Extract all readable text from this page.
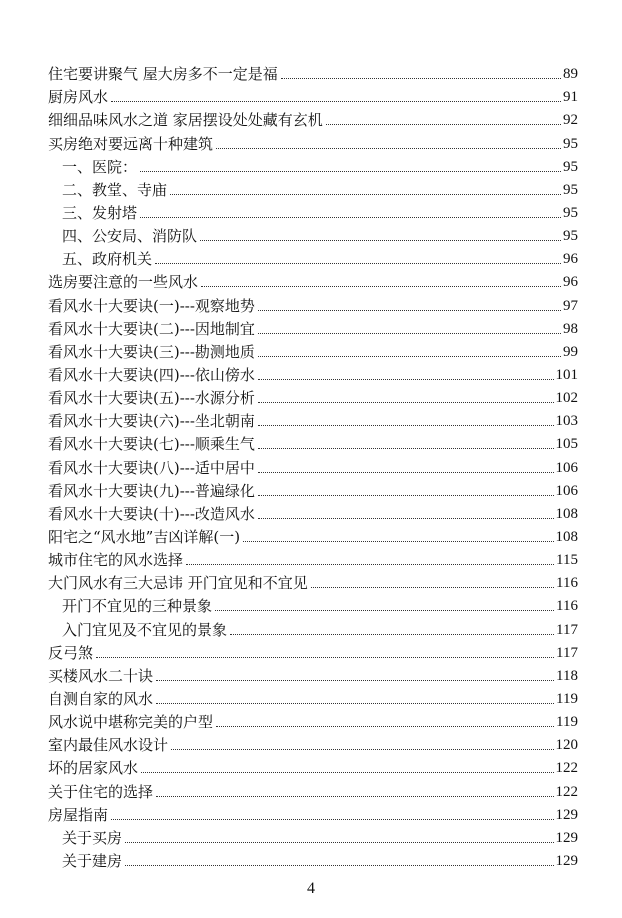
住宅要讲聚气 屋大房多不一定是福	89
厨房风水	91
细细品味风水之道 家居摆设处处藏有玄机	92
买房绝对要远离十种建筑	95
一、医院：	95
二、教堂、寺庙	95
三、发射塔	95
四、公安局、消防队	95
五、政府机关	96
选房要注意的一些风水	96
看风水十大要诀(一)---观察地势	97
看风水十大要诀(二)---因地制宜	98
看风水十大要诀(三)---勘测地质	99
看风水十大要诀(四)---依山傍水	101
看风水十大要诀(五)---水源分析	102
看风水十大要诀(六)---坐北朝南	103
看风水十大要诀(七)---顺乘生气	105
看风水十大要诀(八)---适中居中	106
看风水十大要诀(九)---普遍绿化	106
看风水十大要诀(十)---改造风水	108
阳宅之“风水地”吉凶详解(一)	108
城市住宅的风水选择	115
大门风水有三大忌讳 开门宜见和不宜见	116
开门不宜见的三种景象	116
入门宜见及不宜见的景象	117
反弓煞	117
买楼风水二十诀	118
自测自家的风水	119
风水说中堪称完美的户型	119
室内最佳风水设计	120
坏的居家风水	122
关于住宅的选择	122
房屋指南	129
关于买房	129
关于建房	129
4
